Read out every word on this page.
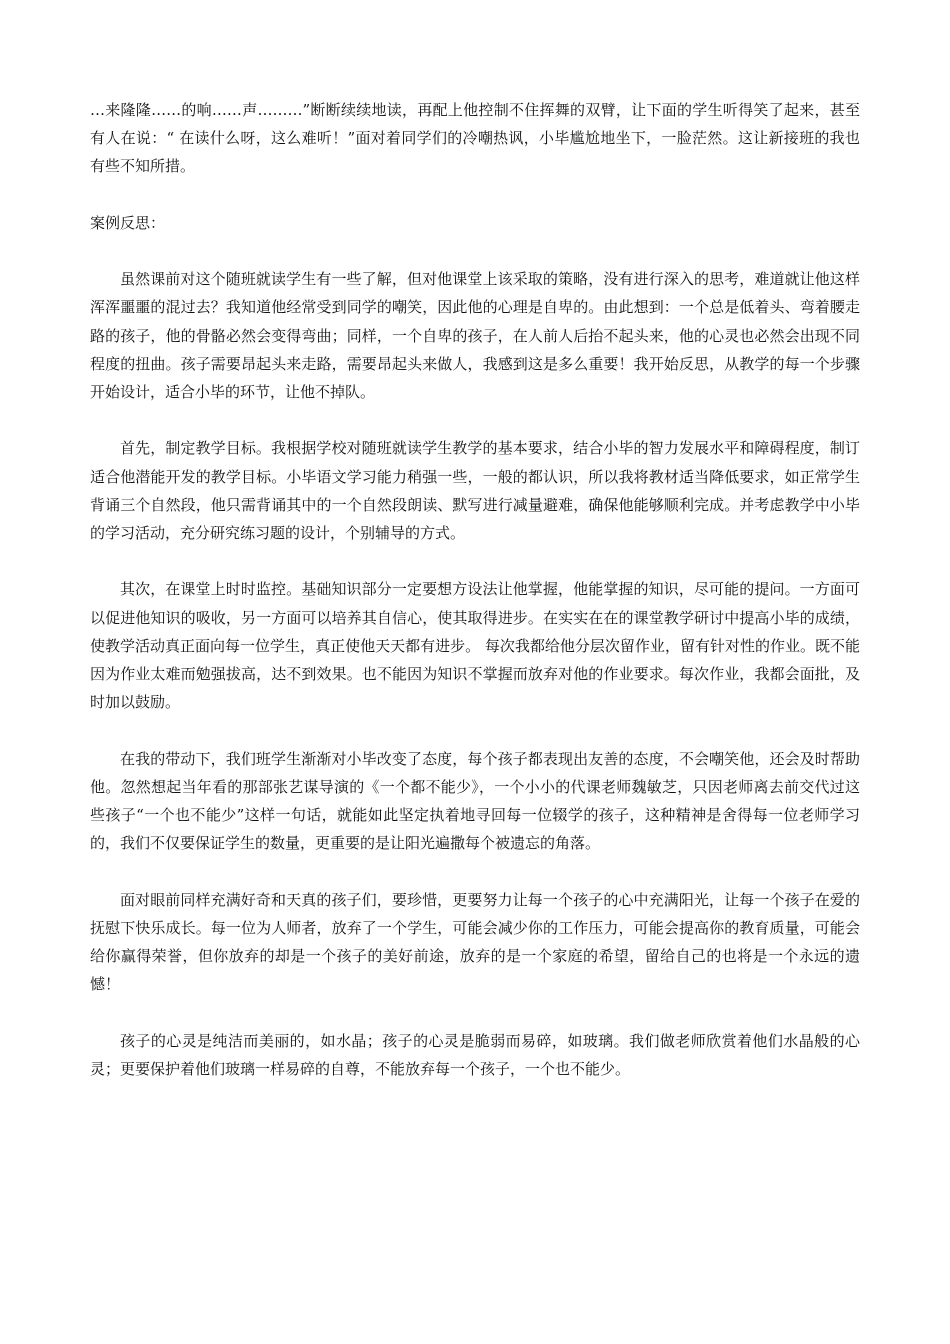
…来隆隆……的响……声………”断断续续地读，再配上他控制不住挥舞的双臂，让下面的学生听得笑了起来，甚至有人在说：“ 在读什么呀，这么难听！”面对着同学们的冷嘲热讽，小毕尴尬地坐下，一脸茫然。这让新接班的我也有些不知所措。

案例反思：

虽然课前对这个随班就读学生有一些了解，但对他课堂上该采取的策略，没有进行深入的思考，难道就让他这样浑浑噩噩的混过去？我知道他经常受到同学的嘲笑，因此他的心理是自卑的。由此想到：一个总是低着头、弯着腰走路的孩子，他的骨骼必然会变得弯曲；同样，一个自卑的孩子，在人前人后抬不起头来，他的心灵也必然会出现不同程度的扭曲。孩子需要昂起头来走路，需要昂起头来做人，我感到这是多么重要！我开始反思，从教学的每一个步骤开始设计，适合小毕的环节，让他不掉队。

首先，制定教学目标。我根据学校对随班就读学生教学的基本要求，结合小毕的智力发展水平和障碍程度，制订适合他潜能开发的教学目标。小毕语文学习能力稍强一些，一般的都认识，所以我将教材适当降低要求，如正常学生背诵三个自然段，他只需背诵其中的一个自然段朗读、默写进行减量避难，确保他能够顺利完成。并考虑教学中小毕的学习活动，充分研究练习题的设计，个别辅导的方式。

其次，在课堂上时时监控。基础知识部分一定要想方设法让他掌握，他能掌握的知识，尽可能的提问。一方面可以促进他知识的吸收，另一方面可以培养其自信心，使其取得进步。在实实在在的课堂教学研讨中提高小毕的成绩，使教学活动真正面向每一位学生，真正使他天天都有进步。 每次我都给他分层次留作业，留有针对性的作业。既不能因为作业太难而勉强拔高，达不到效果。也不能因为知识不掌握而放弃对他的作业要求。每次作业，我都会面批，及时加以鼓励。

在我的带动下，我们班学生渐渐对小毕改变了态度，每个孩子都表现出友善的态度，不会嘲笑他，还会及时帮助他。忽然想起当年看的那部张艺谋导演的《一个都不能少》，一个小小的代课老师魏敏芝，只因老师离去前交代过这些孩子“一个也不能少”这样一句话，就能如此坚定执着地寻回每一位辍学的孩子，这种精神是舍得每一位老师学习的，我们不仅要保证学生的数量，更重要的是让阳光遍撒每个被遗忘的角落。

面对眼前同样充满好奇和天真的孩子们，要珍惜，更要努力让每一个孩子的心中充满阳光，让每一个孩子在爱的抚慰下快乐成长。每一位为人师者，放弃了一个学生，可能会减少你的工作压力，可能会提高你的教育质量，可能会给你赢得荣誉，但你放弃的却是一个孩子的美好前途，放弃的是一个家庭的希望，留给自己的也将是一个永远的遗憾！

孩子的心灵是纯洁而美丽的，如水晶；孩子的心灵是脆弱而易碎，如玻璃。我们做老师欣赏着他们水晶般的心灵；更要保护着他们玻璃一样易碎的自尊，不能放弃每一个孩子，一个也不能少。
